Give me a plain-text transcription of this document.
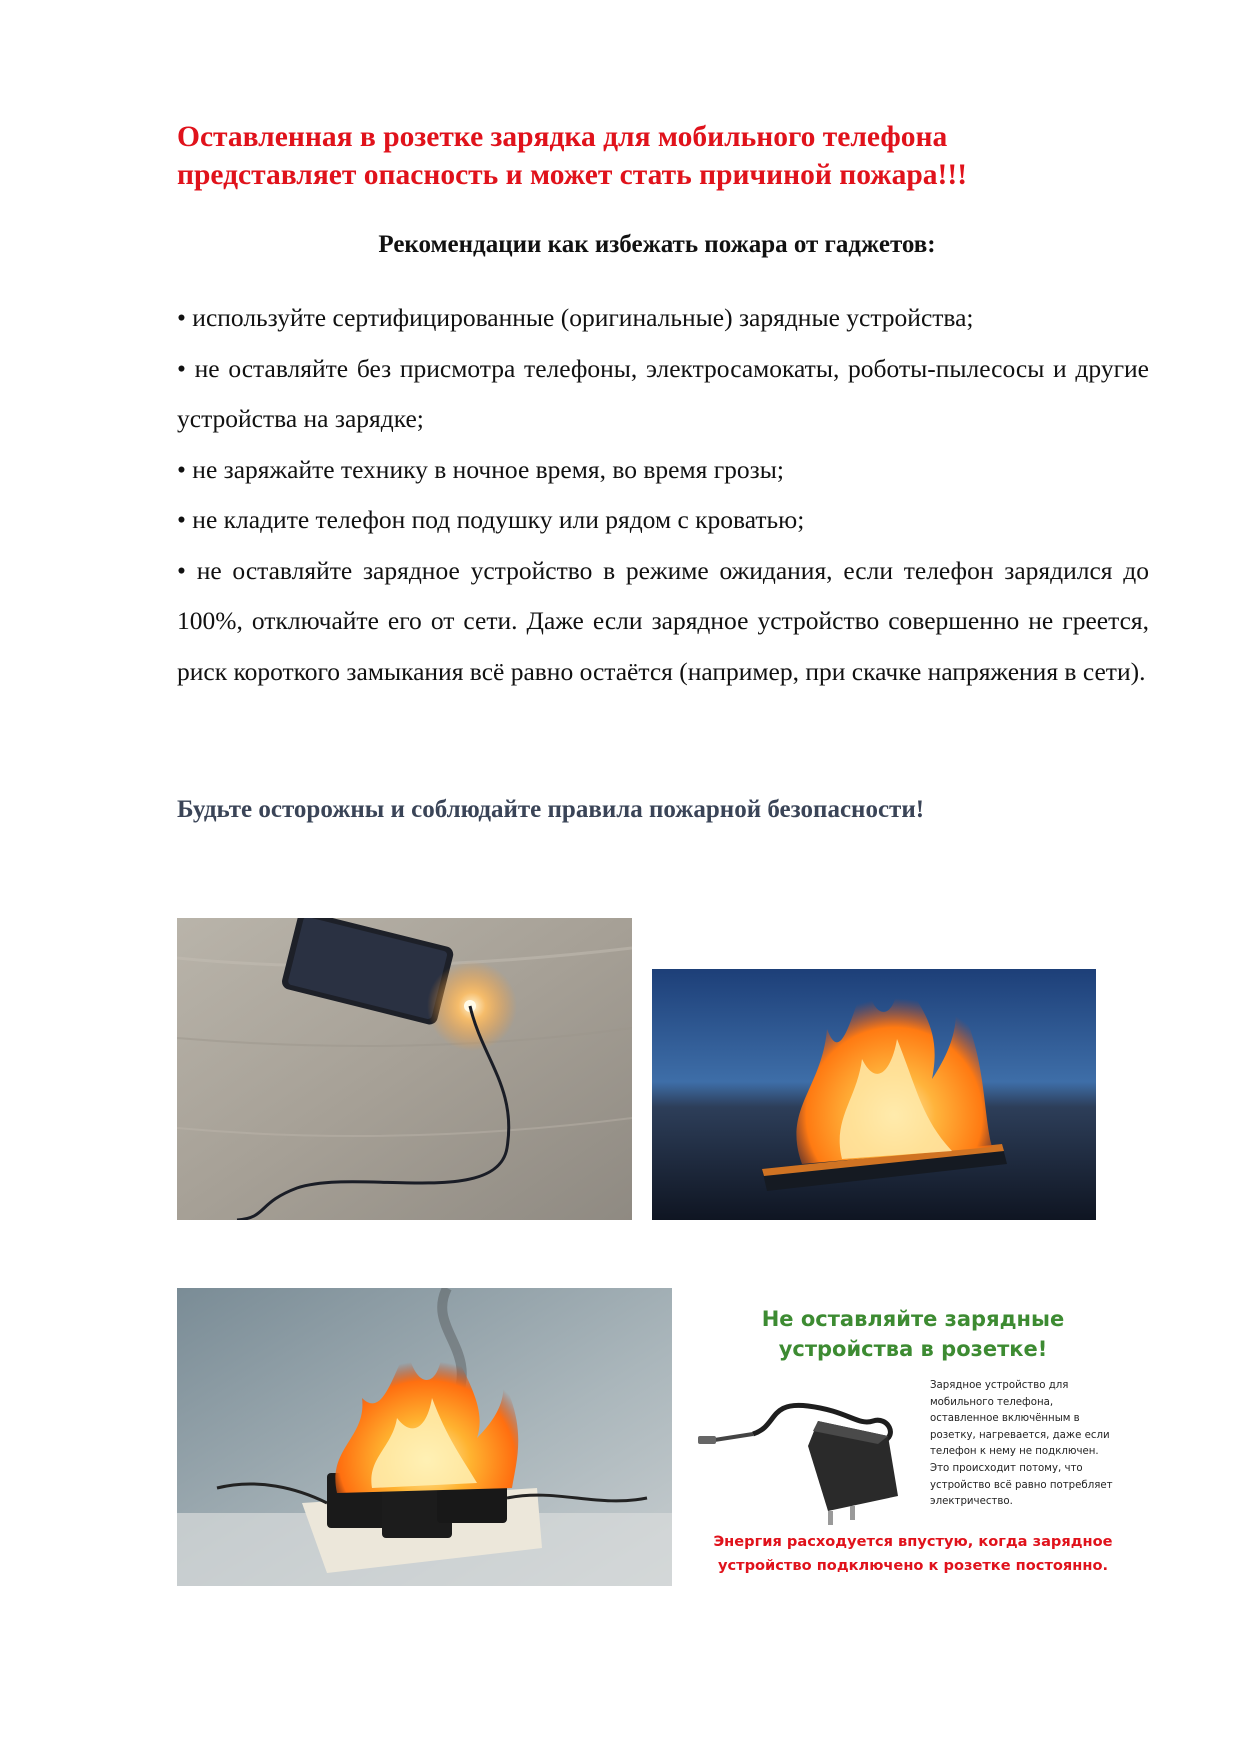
Оставленная в розетке зарядка для мобильного телефона
представляет опасность и может стать причиной пожара!!!
Рекомендации как избежать пожара от гаджетов:
• используйте сертифицированные (оригинальные) зарядные устройства;
• не оставляйте без присмотра телефоны, электросамокаты, роботы-пылесосы и другие устройства на зарядке;
• не заряжайте технику в ночное время, во время грозы;
• не кладите телефон под подушку или рядом с кроватью;
• не оставляйте зарядное устройство в режиме ожидания, если телефон зарядился до 100%, отключайте его от сети. Даже если зарядное устройство совершенно не греется, риск короткого замыкания всё равно остаётся (например, при скачке напряжения в сети).

Будьте осторожны и соблюдайте правила пожарной безопасности!

Не оставляйте зарядные
устройства в розетке!

Зарядное устройство для
мобильного телефона,
оставленное включённым в
розетку, нагревается, даже если
телефон к нему не подключен.
Это происходит потому, что
устройство всё равно потребляет
электричество.

Энергия расходуется впустую, когда зарядное
устройство подключено к розетке постоянно.
